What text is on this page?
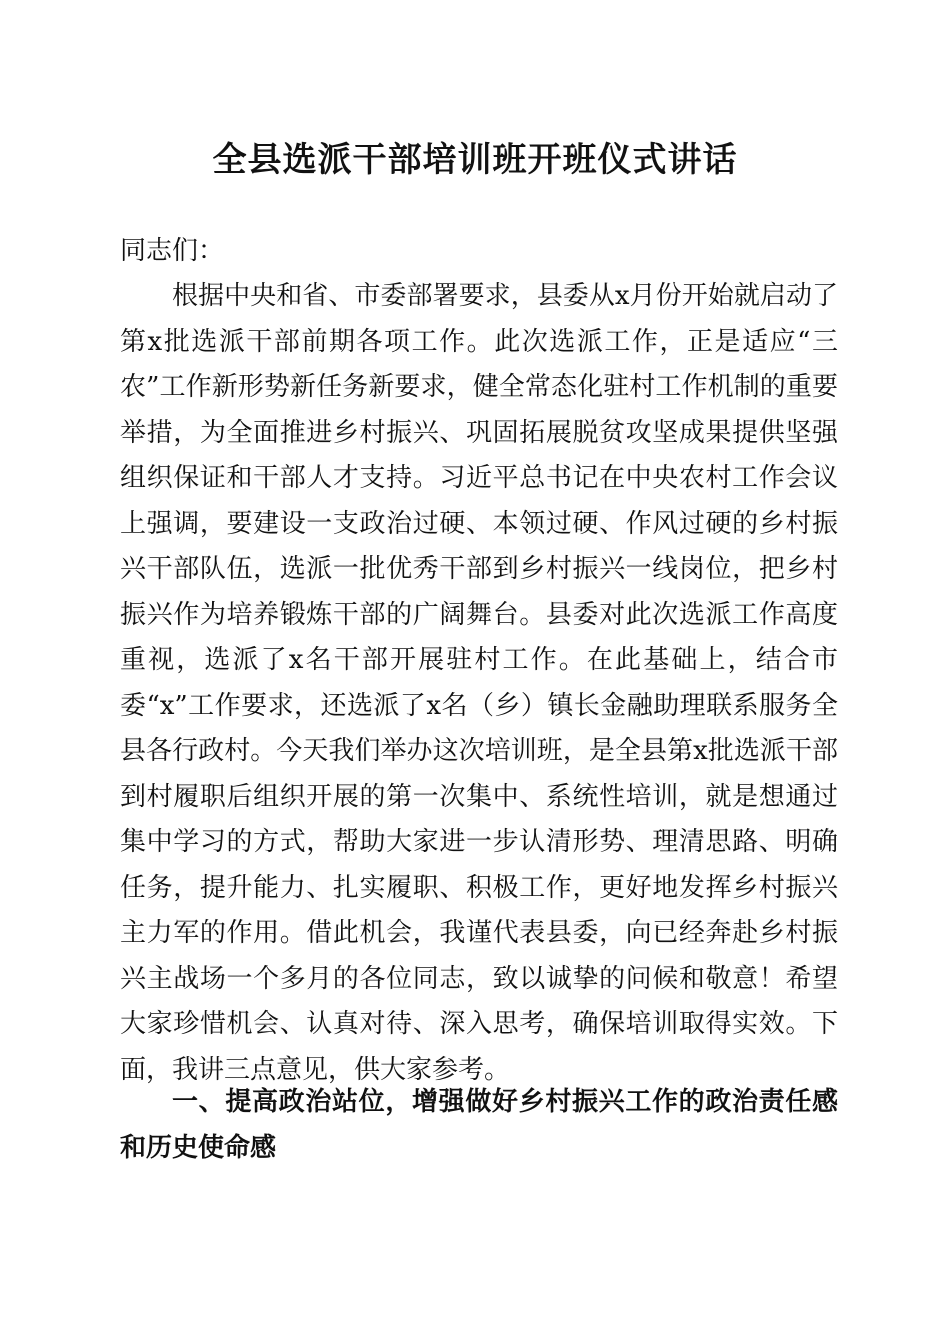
全县选派干部培训班开班仪式讲话

同志们：

根据中央和省、市委部署要求，县委从x月份开始就启动了第x批选派干部前期各项工作。此次选派工作，正是适应“三农”工作新形势新任务新要求，健全常态化驻村工作机制的重要举措，为全面推进乡村振兴、巩固拓展脱贫攻坚成果提供坚强组织保证和干部人才支持。习近平总书记在中央农村工作会议上强调，要建设一支政治过硬、本领过硬、作风过硬的乡村振兴干部队伍，选派一批优秀干部到乡村振兴一线岗位，把乡村振兴作为培养锻炼干部的广阔舞台。县委对此次选派工作高度重视，选派了x名干部开展驻村工作。在此基础上，结合市委“x”工作要求，还选派了x名（乡）镇长金融助理联系服务全县各行政村。今天我们举办这次培训班，是全县第x批选派干部到村履职后组织开展的第一次集中、系统性培训，就是想通过集中学习的方式，帮助大家进一步认清形势、理清思路、明确任务，提升能力、扎实履职、积极工作，更好地发挥乡村振兴主力军的作用。借此机会，我谨代表县委，向已经奔赴乡村振兴主战场一个多月的各位同志，致以诚挚的问候和敬意！希望大家珍惜机会、认真对待、深入思考，确保培训取得实效。下面，我讲三点意见，供大家参考。

一、提高政治站位，增强做好乡村振兴工作的政治责任感和历史使命感
